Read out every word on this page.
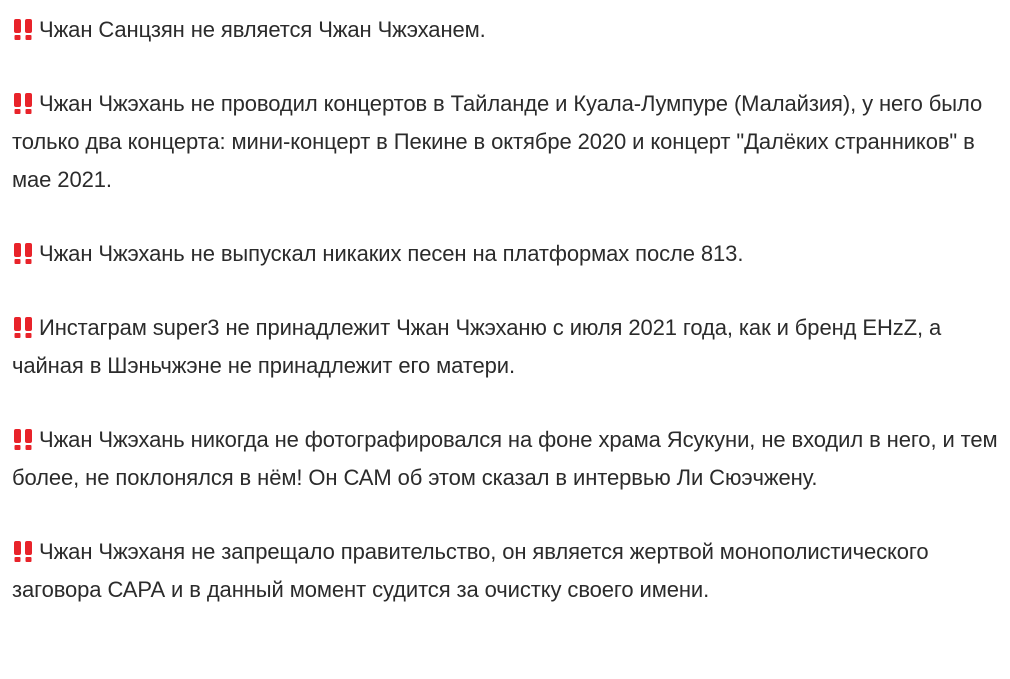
Чжан Санцзян не является Чжан Чжэханем.

Чжан Чжэхань не проводил концертов в Тайланде и Куала-Лумпуре (Малайзия), у него было только два концерта: мини-концерт в Пекине в октябре 2020 и концерт "Далёких странников" в мае 2021.

Чжан Чжэхань не выпускал никаких песен на платформах после 813.

Инстаграм super3 не принадлежит Чжан Чжэханю с июля 2021 года, как и бренд EHzZ, а чайная в Шэньчжэне не принадлежит его матери.

Чжан Чжэхань никогда не фотографировался на фоне храма Ясукуни, не входил в него, и тем более, не поклонялся в нём! Он САМ об этом сказал в интервью Ли Сюэчжену.

Чжан Чжэханя не запрещало правительство, он является жертвой монополистического заговора САРА и в данный момент судится за очистку своего имени.
